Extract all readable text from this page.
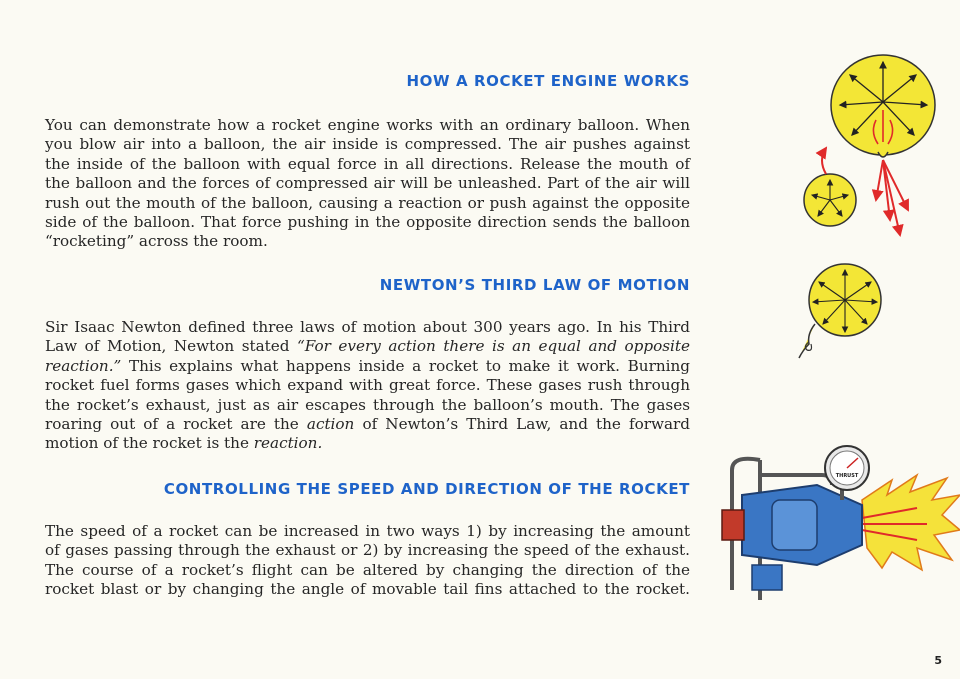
HOW A ROCKET ENGINE WORKS
You can demonstrate how a rocket engine works with an ordinary balloon. When
you blow air into a balloon, the air inside is compressed. The air pushes against
the inside of the balloon with equal force in all directions. Release the mouth of
the balloon and the forces of compressed air will be unleashed. Part of the air will
rush out the mouth of the balloon, causing a reaction or push against the opposite
side of the balloon. That force pushing in the opposite direction sends the balloon
“rocketing” across the room.
NEWTON’S THIRD LAW OF MOTION
Sir Isaac Newton defined three laws of motion about 300 years ago. In his Third
Law of Motion, Newton stated “For every action there is an equal and opposite
reaction.” This explains what happens inside a rocket to make it work. Burning
rocket fuel forms gases which expand with great force. These gases rush through
the rocket’s exhaust, just as air escapes through the balloon’s mouth. The gases
roaring out of a rocket are the action of Newton’s Third Law, and the forward
motion of the rocket is the reaction.
CONTROLLING THE SPEED AND DIRECTION OF THE ROCKET
The speed of a rocket can be increased in two ways 1) by increasing the amount
of gases passing through the exhaust or 2) by increasing the speed of the exhaust.
The course of a rocket’s flight can be altered by changing the direction of the
rocket blast or by changing the angle of movable tail fins attached to the rocket.
THRUST
5
